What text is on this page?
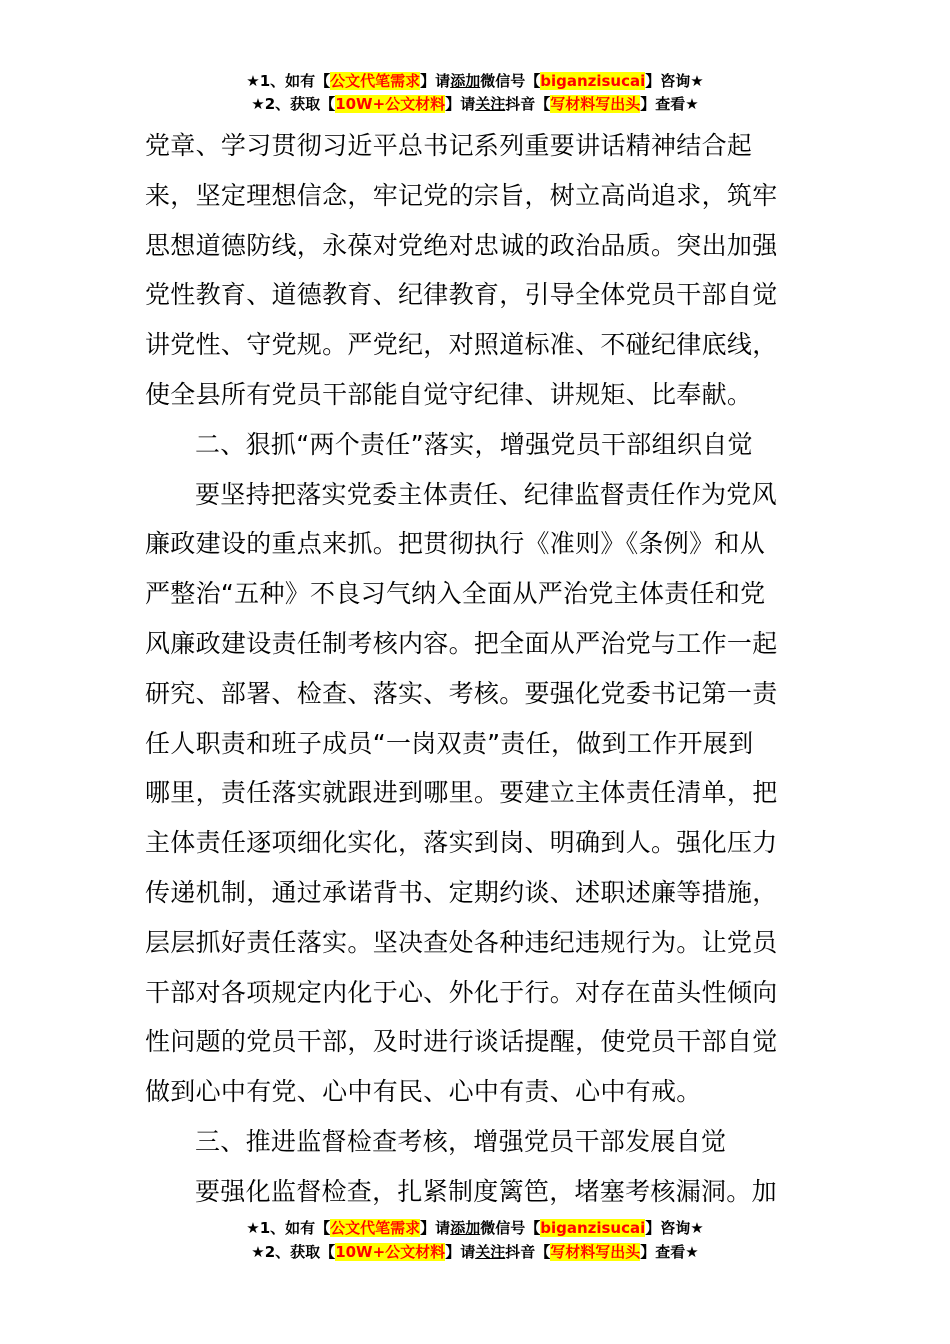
★1、如有【公文代笔需求】请添加微信号【biganzisucai】咨询★
★2、获取【10W+公文材料】请关注抖音【写材料写出头】查看★

党章、学习贯彻习近平总书记系列重要讲话精神结合起

来，坚定理想信念，牢记党的宗旨，树立高尚追求，筑牢

思想道德防线，永葆对党绝对忠诚的政治品质。突出加强

党性教育、道德教育、纪律教育，引导全体党员干部自觉

讲党性、守党规。严党纪，对照道标准、不碰纪律底线，

使全县所有党员干部能自觉守纪律、讲规矩、比奉献。

二、狠抓“两个责任”落实，增强党员干部组织自觉

要坚持把落实党委主体责任、纪律监督责任作为党风

廉政建设的重点来抓。把贯彻执行《准则》《条例》和从

严整治“五种》不良习气纳入全面从严治党主体责任和党

风廉政建设责任制考核内容。把全面从严治党与工作一起

研究、部署、检查、落实、考核。要强化党委书记第一责

任人职责和班子成员“一岗双责”责任，做到工作开展到

哪里，责任落实就跟进到哪里。要建立主体责任清单，把

主体责任逐项细化实化，落实到岗、明确到人。强化压力

传递机制，通过承诺背书、定期约谈、述职述廉等措施，

层层抓好责任落实。坚决查处各种违纪违规行为。让党员

干部对各项规定内化于心、外化于行。对存在苗头性倾向

性问题的党员干部，及时进行谈话提醒，使党员干部自觉

做到心中有党、心中有民、心中有责、心中有戒。

三、推进监督检查考核，增强党员干部发展自觉

要强化监督检查，扎紧制度篱笆，堵塞考核漏洞。加

★1、如有【公文代笔需求】请添加微信号【biganzisucai】咨询★
★2、获取【10W+公文材料】请关注抖音【写材料写出头】查看★
